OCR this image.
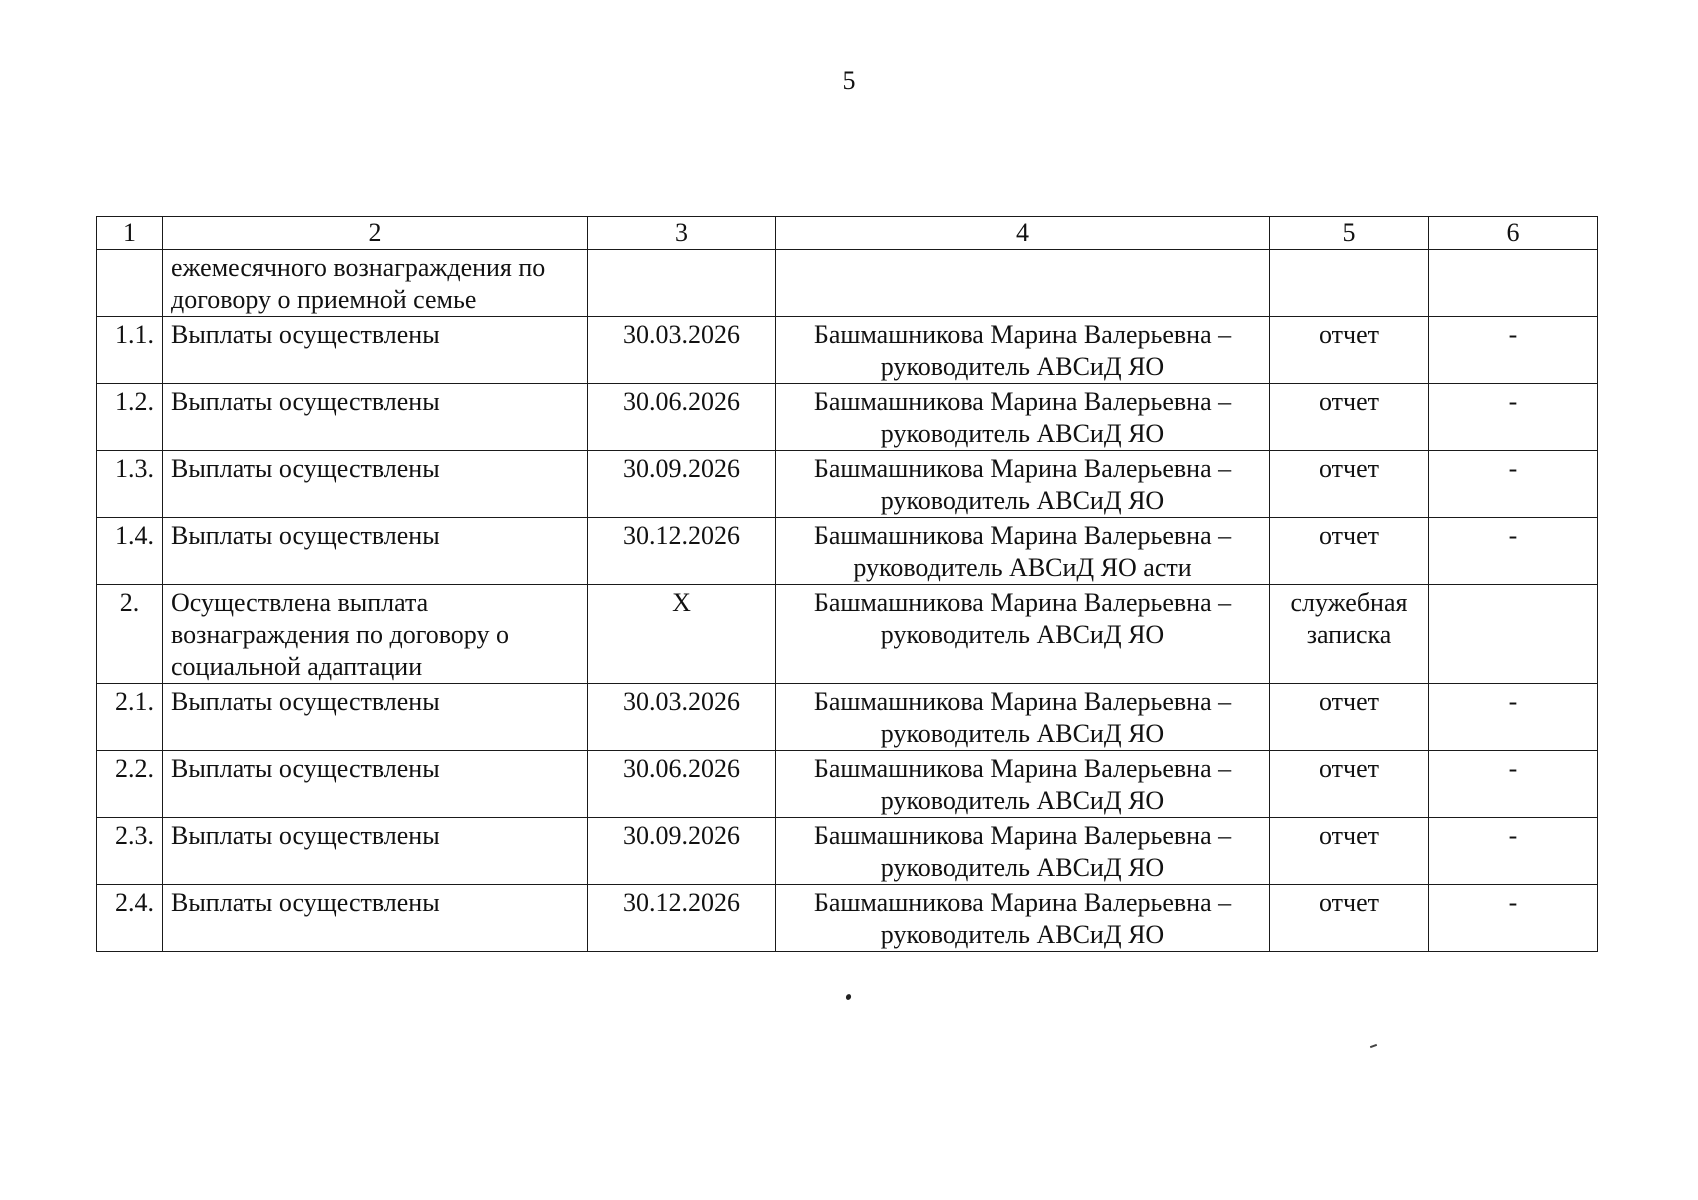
5
1	2	3	4	5	6
	ежемесячного вознаграждения по договору о приемной семье		

1.1.	Выплаты осуществлены	30.03.2026	Башмашникова Марина Валерьевна –
руководитель АВСиД ЯО	отчет	-
1.2.	Выплаты осуществлены	30.06.2026	Башмашникова Марина Валерьевна –
руководитель АВСиД ЯО	отчет	-
1.3.	Выплаты осуществлены	30.09.2026	Башмашникова Марина Валерьевна –
руководитель АВСиД ЯО	отчет	-
1.4.	Выплаты осуществлены	30.12.2026	Башмашникова Марина Валерьевна –
руководитель АВСиД ЯО асти	отчет	-
2.	Осуществлена выплата вознаграждения по договору о социальной адаптации	X	Башмашникова Марина Валерьевна –
руководитель АВСиД ЯО	служебная записка	
2.1.	Выплаты осуществлены	30.03.2026	Башмашникова Марина Валерьевна –
руководитель АВСиД ЯО	отчет	-
2.2.	Выплаты осуществлены	30.06.2026	Башмашникова Марина Валерьевна –
руководитель АВСиД ЯО	отчет	-
2.3.	Выплаты осуществлены	30.09.2026	Башмашникова Марина Валерьевна –
руководитель АВСиД ЯО	отчет	-
2.4.	Выплаты осуществлены	30.12.2026	Башмашникова Марина Валерьевна –
руководитель АВСиД ЯО	отчет	-
